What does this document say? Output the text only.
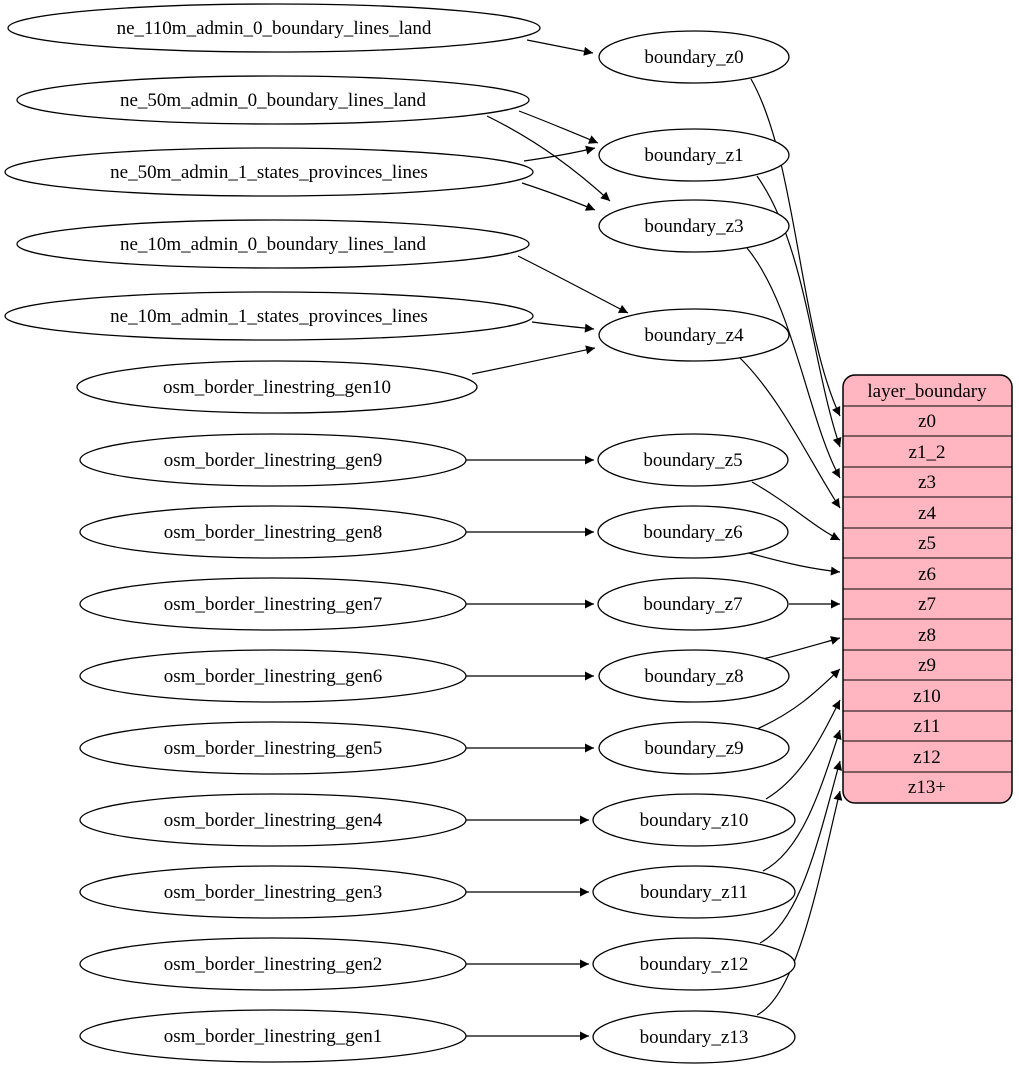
ne_110m_admin_0_boundary_lines_land
ne_50m_admin_0_boundary_lines_land
ne_50m_admin_1_states_provinces_lines
ne_10m_admin_0_boundary_lines_land
ne_10m_admin_1_states_provinces_lines
osm_border_linestring_gen10
osm_border_linestring_gen9
osm_border_linestring_gen8
osm_border_linestring_gen7
osm_border_linestring_gen6
osm_border_linestring_gen5
osm_border_linestring_gen4
osm_border_linestring_gen3
osm_border_linestring_gen2
osm_border_linestring_gen1
boundary_z0
boundary_z1
boundary_z3
boundary_z4
boundary_z5
boundary_z6
boundary_z7
boundary_z8
boundary_z9
boundary_z10
boundary_z11
boundary_z12
boundary_z13
layer_boundary
z0
z1_2
z3
z4
z5
z6
z7
z8
z9
z10
z11
z12
z13+
